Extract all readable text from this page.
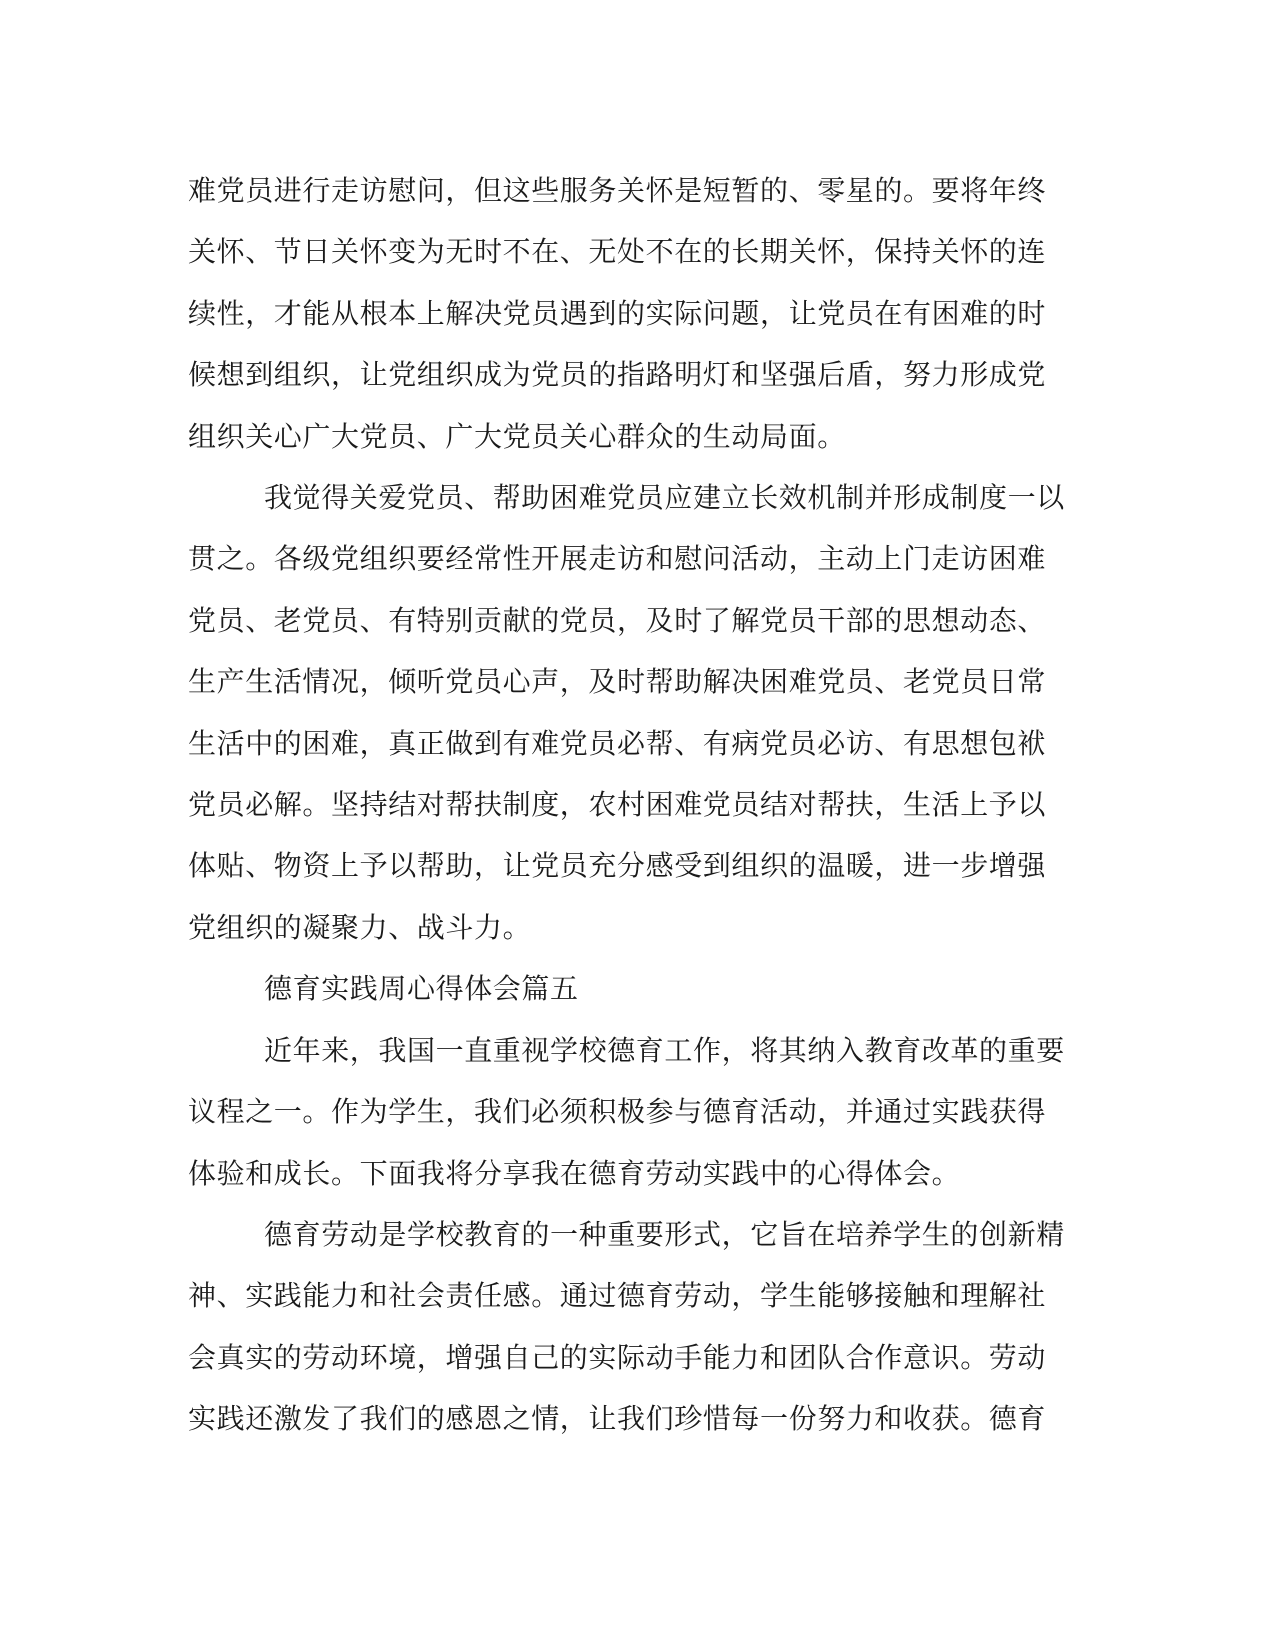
难党员进行走访慰问，但这些服务关怀是短暂的、零星的。要将年终
关怀、节日关怀变为无时不在、无处不在的长期关怀，保持关怀的连
续性，才能从根本上解决党员遇到的实际问题，让党员在有困难的时
候想到组织，让党组织成为党员的指路明灯和坚强后盾，努力形成党
组织关心广大党员、广大党员关心群众的生动局面。

我觉得关爱党员、帮助困难党员应建立长效机制并形成制度一以
贯之。各级党组织要经常性开展走访和慰问活动，主动上门走访困难
党员、老党员、有特别贡献的党员，及时了解党员干部的思想动态、
生产生活情况，倾听党员心声，及时帮助解决困难党员、老党员日常
生活中的困难，真正做到有难党员必帮、有病党员必访、有思想包袱
党员必解。坚持结对帮扶制度，农村困难党员结对帮扶，生活上予以
体贴、物资上予以帮助，让党员充分感受到组织的温暖，进一步增强
党组织的凝聚力、战斗力。

德育实践周心得体会篇五

近年来，我国一直重视学校德育工作，将其纳入教育改革的重要
议程之一。作为学生，我们必须积极参与德育活动，并通过实践获得
体验和成长。下面我将分享我在德育劳动实践中的心得体会。

德育劳动是学校教育的一种重要形式，它旨在培养学生的创新精
神、实践能力和社会责任感。通过德育劳动，学生能够接触和理解社
会真实的劳动环境，增强自己的实际动手能力和团队合作意识。劳动
实践还激发了我们的感恩之情，让我们珍惜每一份努力和收获。德育
